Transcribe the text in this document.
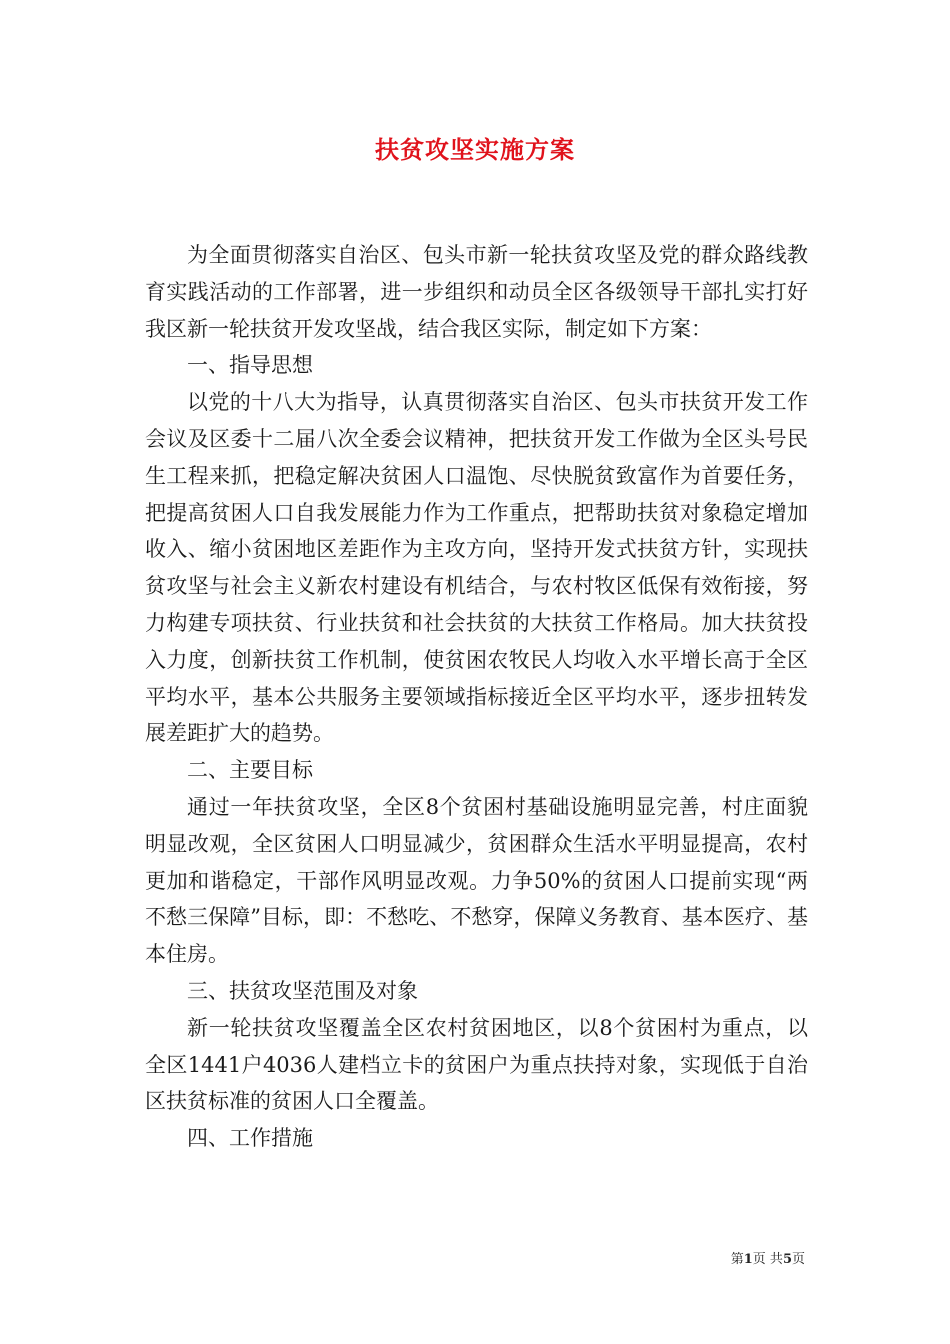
扶贫攻坚实施方案

为全面贯彻落实自治区、包头市新一轮扶贫攻坚及党的群众路线教育实践活动的工作部署，进一步组织和动员全区各级领导干部扎实打好我区新一轮扶贫开发攻坚战，结合我区实际，制定如下方案：

一、指导思想

以党的十八大为指导，认真贯彻落实自治区、包头市扶贫开发工作会议及区委十二届八次全委会议精神，把扶贫开发工作做为全区头号民生工程来抓，把稳定解决贫困人口温饱、尽快脱贫致富作为首要任务，把提高贫困人口自我发展能力作为工作重点，把帮助扶贫对象稳定增加收入、缩小贫困地区差距作为主攻方向，坚持开发式扶贫方针，实现扶贫攻坚与社会主义新农村建设有机结合，与农村牧区低保有效衔接，努力构建专项扶贫、行业扶贫和社会扶贫的大扶贫工作格局。加大扶贫投入力度，创新扶贫工作机制，使贫困农牧民人均收入水平增长高于全区平均水平，基本公共服务主要领域指标接近全区平均水平，逐步扭转发展差距扩大的趋势。

二、主要目标

通过一年扶贫攻坚，全区8个贫困村基础设施明显完善，村庄面貌明显改观，全区贫困人口明显减少，贫困群众生活水平明显提高，农村更加和谐稳定，干部作风明显改观。力争50%的贫困人口提前实现“两不愁三保障”目标，即：不愁吃、不愁穿，保障义务教育、基本医疗、基本住房。

三、扶贫攻坚范围及对象

新一轮扶贫攻坚覆盖全区农村贫困地区，以8个贫困村为重点，以全区1441户4036人建档立卡的贫困户为重点扶持对象，实现低于自治区扶贫标准的贫困人口全覆盖。

四、工作措施

第1页 共5页
